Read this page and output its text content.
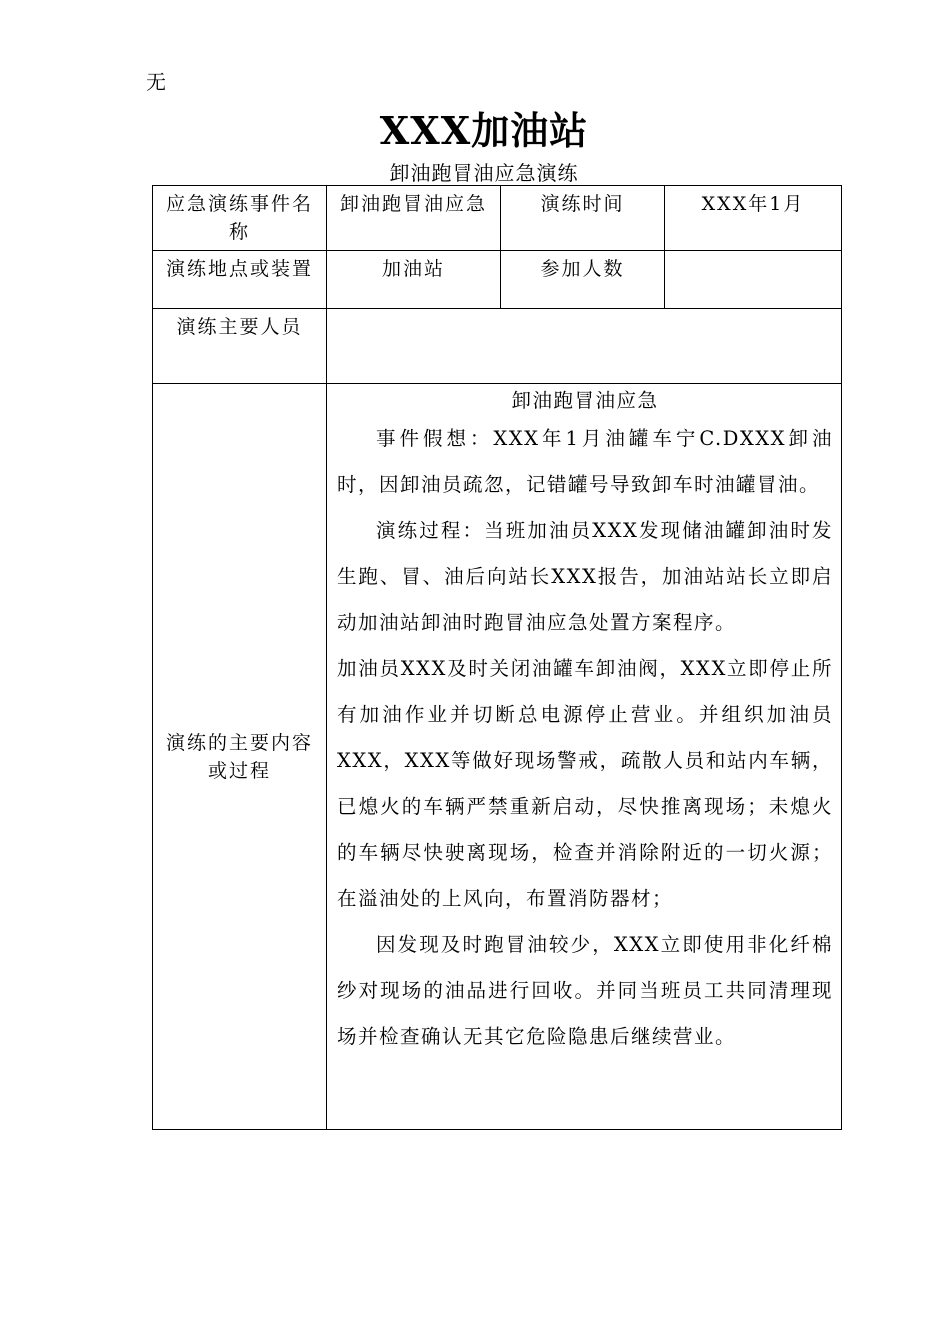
无
XXX加油站
卸油跑冒油应急演练
应急演练事件名称	卸油跑冒油应急	演练时间	XXX年1月

演练地点或装置	加油站	参加人数	

演练主要人员			

演练的主要内容或过程	卸油跑冒油应急

事件假想：XXX年1月油罐车宁C.DXXX卸油时，因卸油员疏忽，记错罐号导致卸车时油罐冒油。

演练过程：当班加油员XXX发现储油罐卸油时发生跑、冒、油后向站长XXX报告，加油站站长立即启动加油站卸油时跑冒油应急处置方案程序。

加油员XXX及时关闭油罐车卸油阀，XXX立即停止所有加油作业并切断总电源停止营业。并组织加油员XXX，XXX等做好现场警戒，疏散人员和站内车辆，已熄火的车辆严禁重新启动，尽快推离现场；未熄火的车辆尽快驶离现场，检查并消除附近的一切火源；在溢油处的上风向，布置消防器材；

因发现及时跑冒油较少，XXX立即使用非化纤棉纱对现场的油品进行回收。并同当班员工共同清理现场并检查确认无其它危险隐患后继续营业。		
